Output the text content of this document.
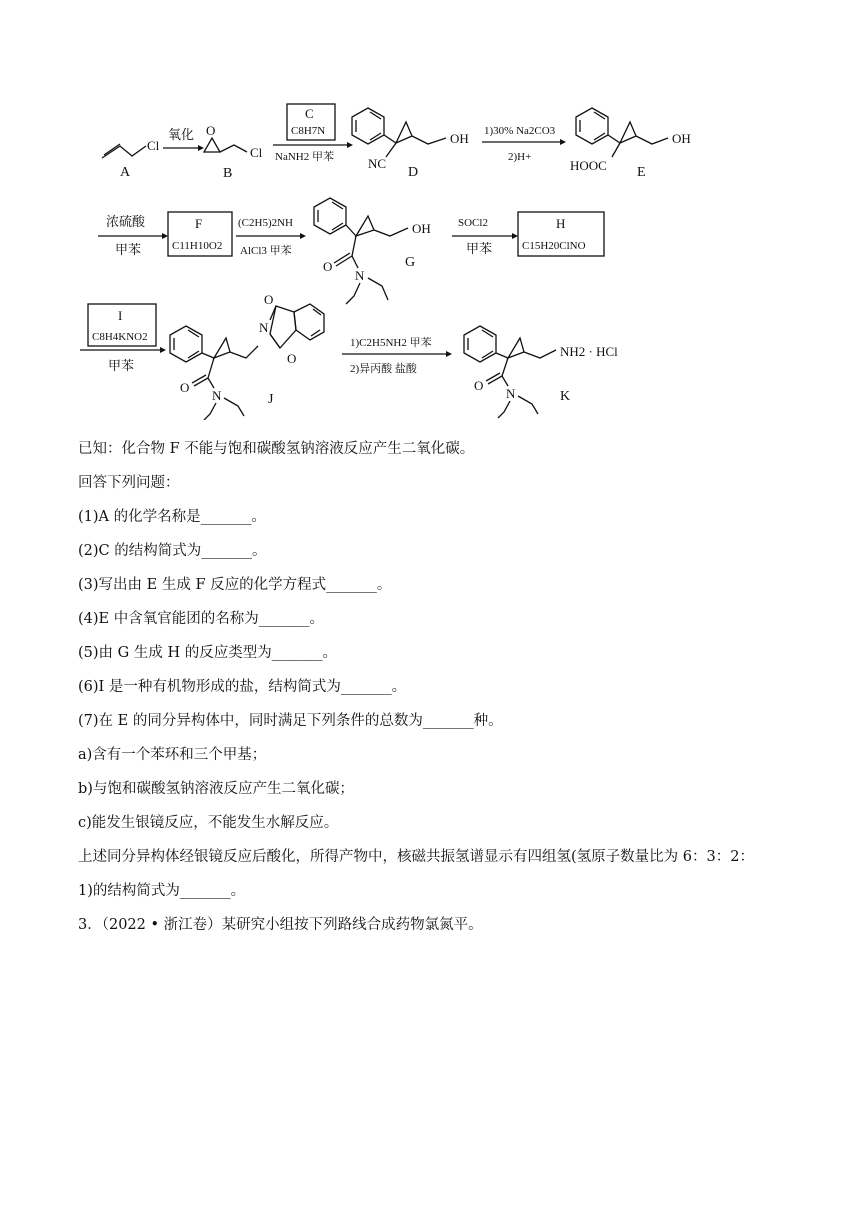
Cl
A
氧化 O
Cl
B
C
C8H7N
NaNH2 甲苯	NC
OH
D
1)30% Na2CO3
2)H+
HOOC
OH
E
浓硫酸
甲苯
F
C11H10O2
(C2H5)2NH
AlCl3 甲苯
OH
O
N
G
SOCl2
甲苯
H
C15H20ClNO
I
C8H4KNO2
甲苯
N
O
O
O
N	J
1)C2H5NH2 甲苯
2)异丙酸 盐酸
NH2 · HCl
O
N	K

已知：化合物 F 不能与饱和碳酸氢钠溶液反应产生二氧化碳。

回答下列问题：

(1)A 的化学名称是_______。

(2)C 的结构简式为_______。

(3)写出由 E 生成 F 反应的化学方程式_______。

(4)E 中含氧官能团的名称为_______。

(5)由 G 生成 H 的反应类型为_______。

(6)I 是一种有机物形成的盐，结构简式为_______。

(7)在 E 的同分异构体中，同时满足下列条件的总数为_______种。

a)含有一个苯环和三个甲基；

b)与饱和碳酸氢钠溶液反应产生二氧化碳；

c)能发生银镜反应，不能发生水解反应。

上述同分异构体经银镜反应后酸化，所得产物中，核磁共振氢谱显示有四组氢(氢原子数量比为 6：3：2：

1)的结构简式为_______。

3．（2022 • 浙江卷）某研究小组按下列路线合成药物氯氮平。
